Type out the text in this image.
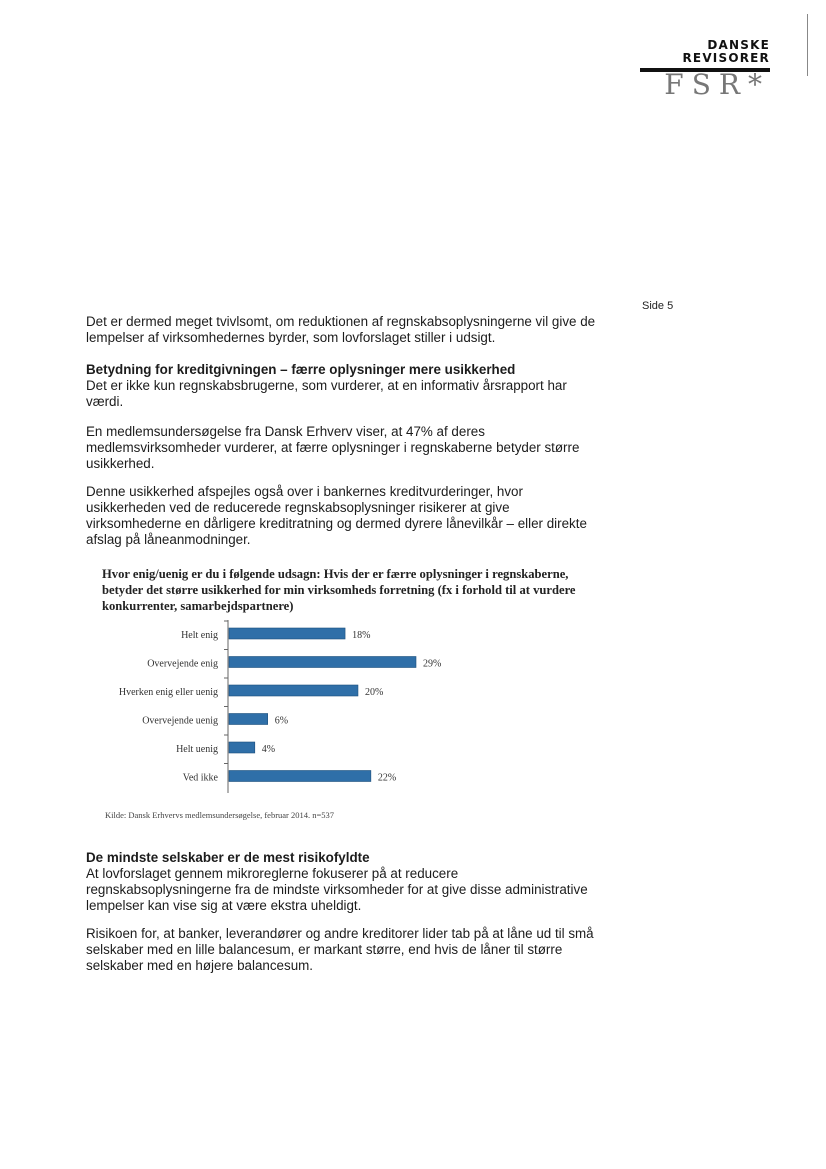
DANSKE
REVISORER
FSR*
Side 5
Det er dermed meget tvivlsomt, om reduktionen af regnskabsoplysningerne vil give de lempelser af virksomhedernes byrder, som lovforslaget stiller i udsigt.
Betydning for kreditgivningen – færre oplysninger mere usikkerhed
Det er ikke kun regnskabsbrugerne, som vurderer, at en informativ årsrapport har værdi.
En medlemsundersøgelse fra Dansk Erhverv viser, at 47% af deres medlemsvirksomheder vurderer, at færre oplysninger i regnskaberne betyder større usikkerhed.
Denne usikkerhed afspejles også over i bankernes kreditvurderinger, hvor usikkerheden ved de reducerede regnskabsoplysninger risikerer at give virksomhederne en dårligere kreditratning og dermed dyrere lånevilkår – eller direkte afslag på låneanmodninger.
Hvor enig/uenig er du i følgende udsagn: Hvis der er færre oplysninger i regnskaberne, betyder det større usikkerhed for min virksomheds forretning (fx i forhold til at vurdere konkurrenter, samarbejdspartnere)
Helt enig	18%
Overvejende enig	29%
Hverken enig eller uenig	20%
Overvejende uenig	6%
Helt uenig	4%
Ved ikke	22%
Kilde: Dansk Erhvervs medlemsundersøgelse, februar 2014. n=537
De mindste selskaber er de mest risikofyldte
At lovforslaget gennem mikroreglerne fokuserer på at reducere regnskabsoplysningerne fra de mindste virksomheder for at give disse administrative lempelser kan vise sig at være ekstra uheldigt.
Risikoen for, at banker, leverandører og andre kreditorer lider tab på at låne ud til små selskaber med en lille balancesum, er markant større, end hvis de låner til større selskaber med en højere balancesum.
